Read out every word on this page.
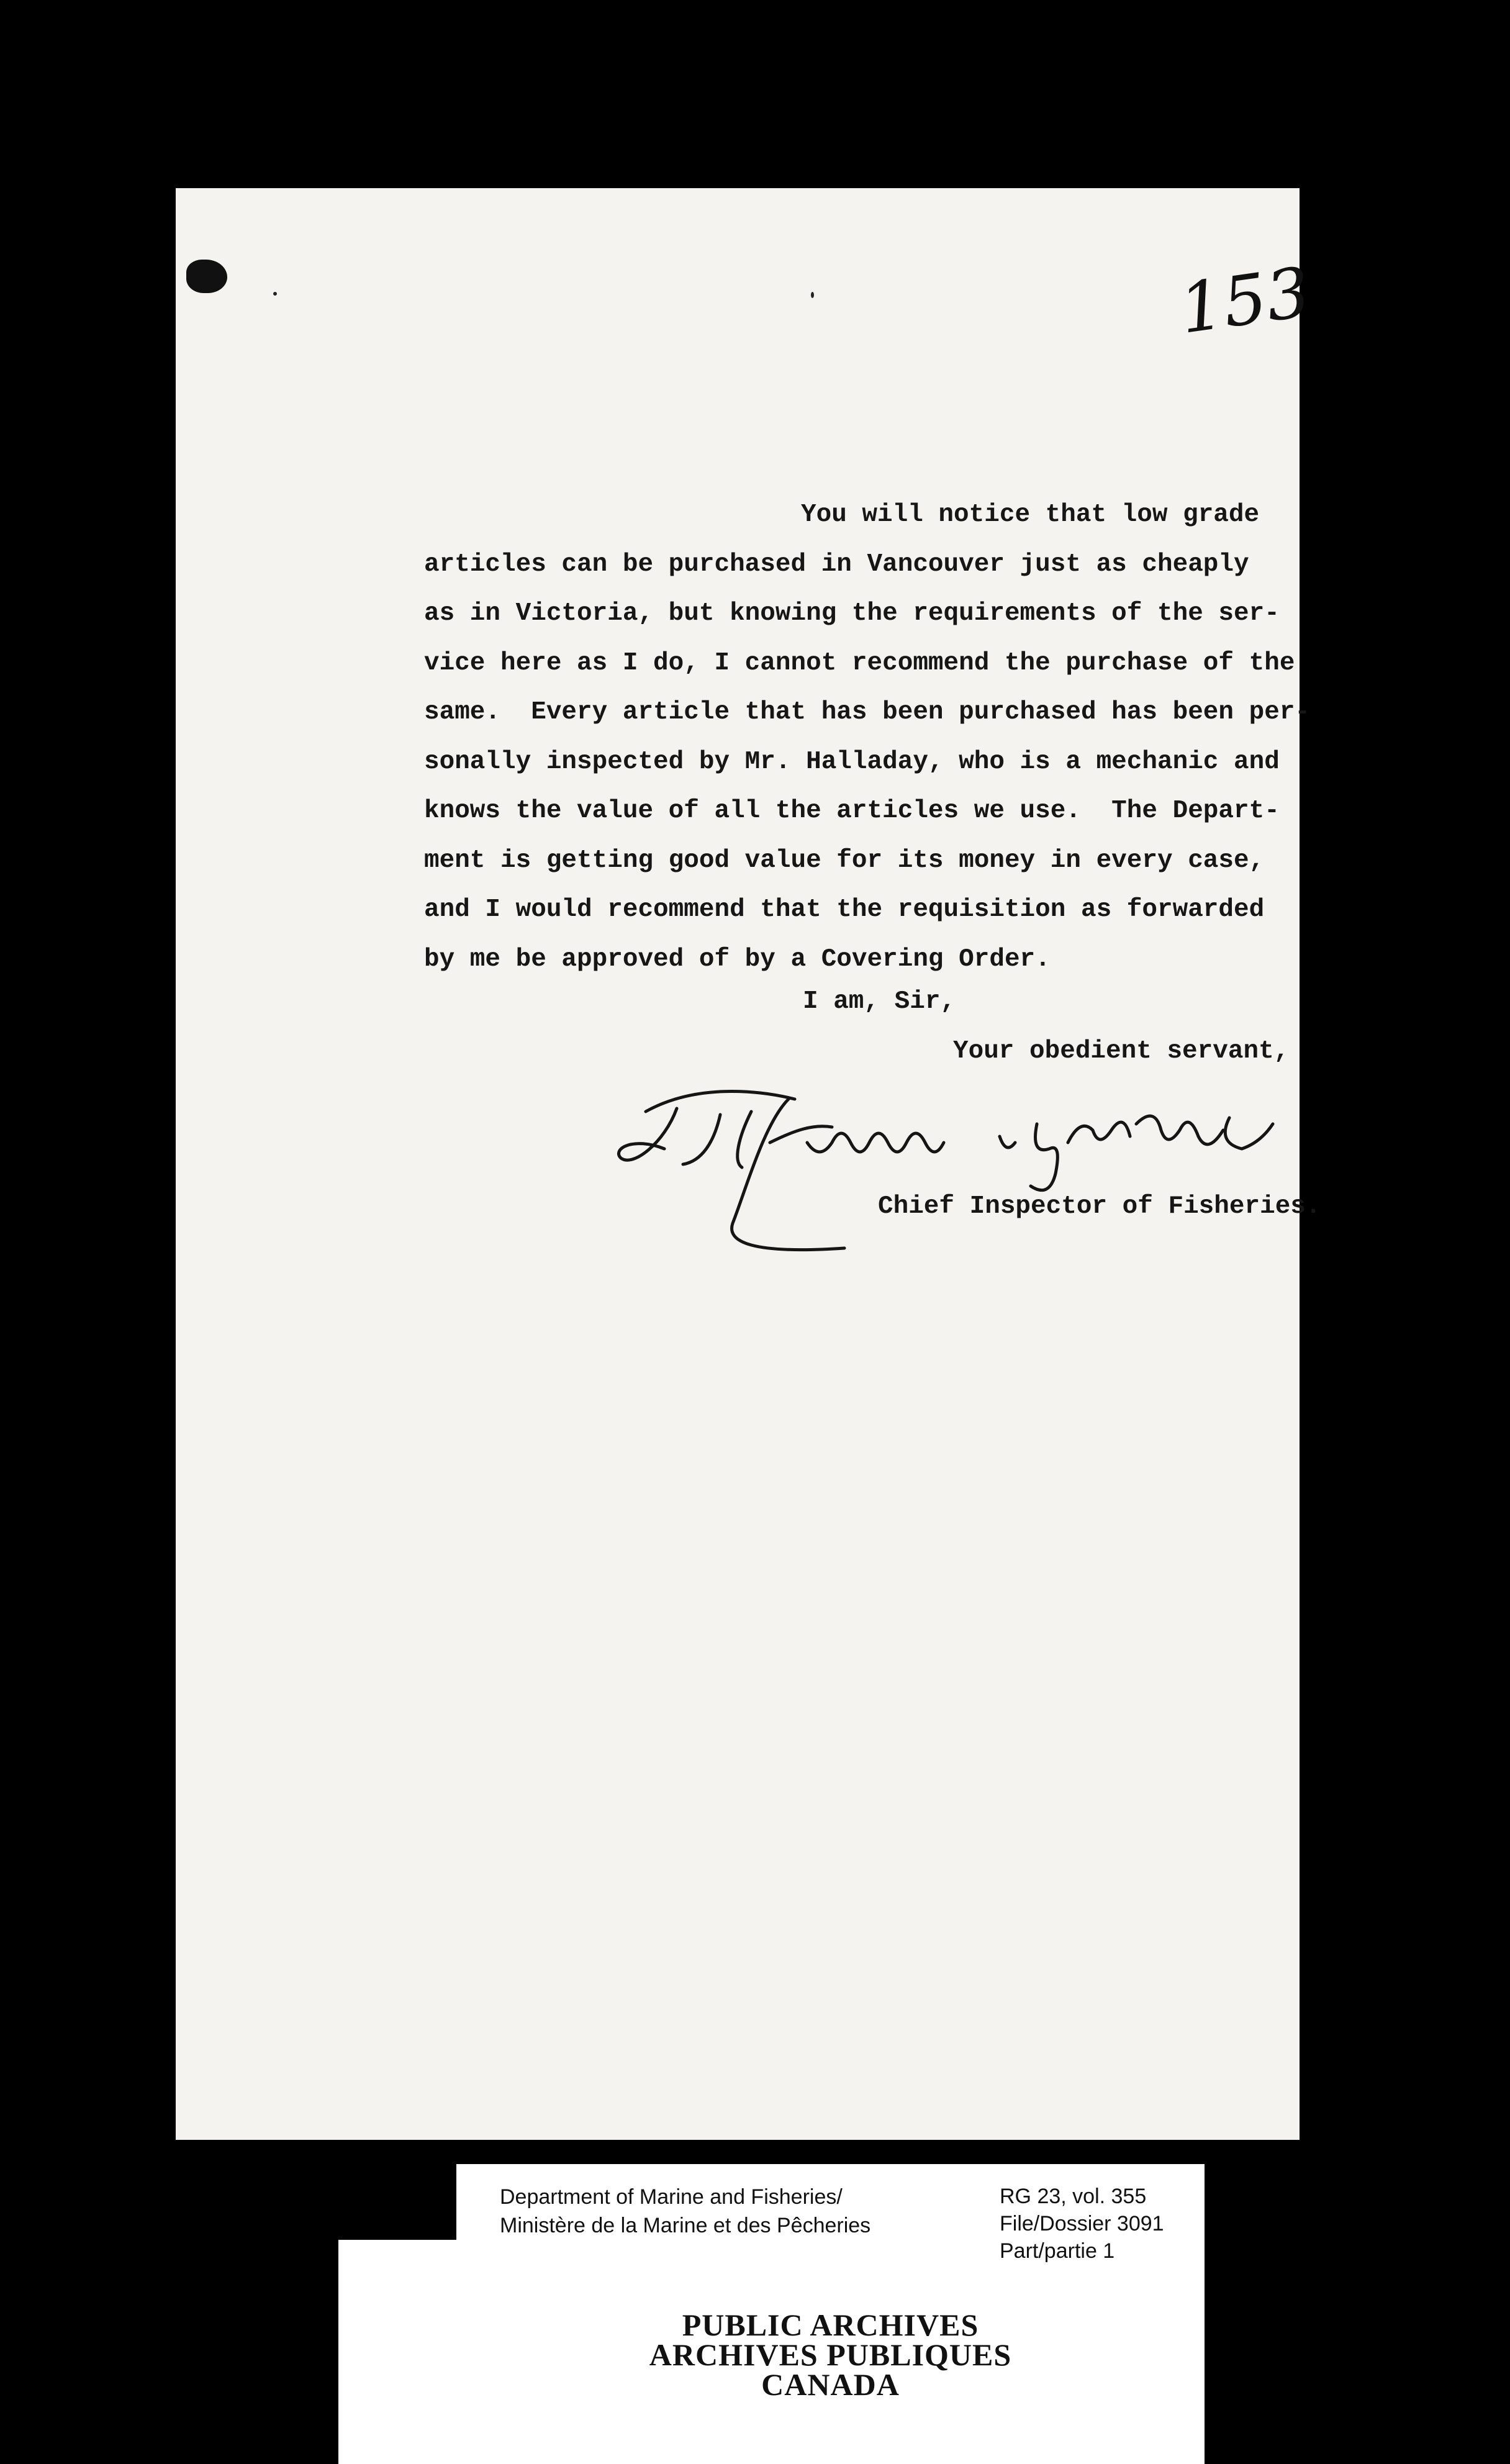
153
You will notice that low grade
articles can be purchased in Vancouver just as cheaply
as in Victoria, but knowing the requirements of the ser-
vice here as I do, I cannot recommend the purchase of the
same.  Every article that has been purchased has been per-
sonally inspected by Mr. Halladay, who is a mechanic and
knows the value of all the articles we use.  The Depart-
ment is getting good value for its money in every case,
and I would recommend that the requisition as forwarded
by me be approved of by a Covering Order.
I am, Sir,
Your obedient servant,
Chief Inspector of Fisheries.
Department of Marine and Fisheries/
Ministère de la Marine et des Pêcheries
RG 23, vol. 355
File/Dossier 3091
Part/partie 1
PUBLIC ARCHIVES
ARCHIVES PUBLIQUES
CANADA
